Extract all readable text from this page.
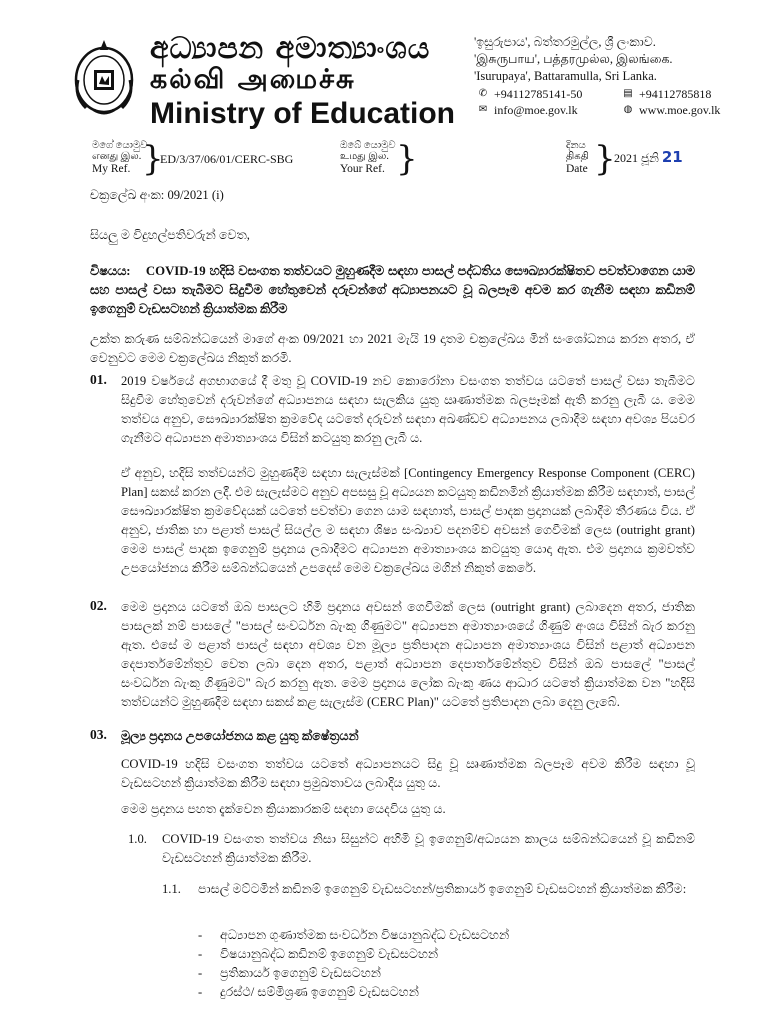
අධ්‍යාපන අමාත්‍යාංශය
கல்வி அமைச்சு
Ministry of Education
'ඉසුරුපාය', බත්තරමුල්ල, ශ්‍රී ලංකාව.
'இசுருபாய', பத்தரமுல்ல, இலங்கை.
'Isurupaya', Battaramulla, Sri Lanka.
✆ +94112785141-50	▤ +94112785818
✉ info@moe.gov.lk	◍ www.moe.gov.lk
මගේ යොමුව
எனது இல.
My Ref. }
ED/3/37/06/01/CERC-SBG
ඔබේ යොමුව
உமது இல.
Your Ref. }	දිනය
திகதி
Date }
2021 ජූනි 21
චක්‍රලේඛ අංක: 09/2021 (i)
සියලු ම විදුහල්පතිවරුන් වෙත,
විෂයය: COVID-19 හදිසි වසංගත තත්වයට මුහුණදීම සඳහා පාසල් පද්ධතිය සෞඛ්‍යාරක්ෂිතව පවත්වාගෙන යාම සහ පාසල් වසා තැබීමට සිදුවීම හේතුවෙන් දරුවන්ගේ අධ්‍යාපනයට වූ බලපෑම අවම කර ගැනීම සඳහා කඩිනම් ඉගෙනුම් වැඩසටහන් ක්‍රියාත්මක කිරීම
උක්ත කරුණ සම්බන්ධයෙන් මාගේ අංක 09/2021 හා 2021 මැයි 19 දාතම චක්‍රලේඛය මින් සංශෝධනය කරන අතර, ඒ වෙනුවට මෙම චක්‍රලේඛය නිකුත් කරමි.
01. 2019 වර්ෂයේ අගභාගයේ දී මතු වූ COVID-19 නව කොරෝනා වසංගත තත්වය යටතේ පාසල් වසා තැබීමට සිදුවීම හේතුවෙන් දරුවන්ගේ අධ්‍යාපනය සඳහා සැලකිය යුතු ඍණාත්මක බලපෑමක් ඇති කරනු ලැබී ය. මෙම තත්වය අනුව, සෞඛ්‍යාරක්ෂිත ක්‍රමවේද යටතේ දරුවන් සඳහා අඛණ්ඩව අධ්‍යාපනය ලබාදීම සඳහා අවශ්‍ය පියවර ගැනීමට අධ්‍යාපන අමාත්‍යාංශය විසින් කටයුතු කරනු ලැබී ය.
ඒ අනුව, හදිසි තත්වයන්ට මුහුණදීම සඳහා සැලැස්මක් [Contingency Emergency Response Component (CERC) Plan] සකස් කරන ලදී. එම සැලැස්මට අනුව අපසසු වූ අධ්‍යයන කටයුතු කඩිනමින් ක්‍රියාත්මක කිරීම සඳහාත්, පාසල් සෞඛ්‍යාරක්ෂිත ක්‍රමවේදයක් යටතේ පවත්වා ගෙන යාම සඳහාත්, පාසල් පාදක ප්‍රදානයක් ලබාදීම තීරණය විය. ඒ අනුව, ජාතික හා පළාත් පාසල් සියල්ල ම සඳහා ශිෂ්‍ය සංඛ්‍යාව පදනම්ව අවසන් ගෙවීමක් ලෙස (outright grant) මෙම පාසල් පාදක ඉගෙනුම් ප්‍රදානය ලබාදීමට අධ්‍යාපන අමාත්‍යාංශය කටයුතු යොදා ඇත. එම ප්‍රදානය ක්‍රමවත්ව උපයෝජනය කිරීම සම්බන්ධයෙන් උපදෙස් මෙම චක්‍රලේඛය මගින් නිකුත් කෙරේ.
02. මෙම ප්‍රදානය යටතේ ඔබ පාසලට හිමි ප්‍රදානය අවසන් ගෙවීමක් ලෙස (outright grant) ලබාදෙන අතර, ජාතික පාසලක් නම් පාසලේ "පාසල් සංවර්ධන බැංකු ගිණුමට" අධ්‍යාපන අමාත්‍යාංශයේ ගිණුම් අංශය විසින් බැර කරනු ඇත. එසේ ම පළාත් පාසල් සඳහා අවශ්‍ය වන මූල්‍ය ප්‍රතිපාදන අධ්‍යාපන අමාත්‍යාංශය විසින් පළාත් අධ්‍යාපන දෙපාර්තමේන්තුව වෙත ලබා දෙන අතර, පළාත් අධ්‍යාපන දෙපාර්තමේන්තුව විසින් ඔබ පාසලේ "පාසල් සංවර්ධන බැංකු ගිණුමට" බැර කරනු ඇත. මෙම ප්‍රදානය ලෝක බැංකු ණය ආධාර යටතේ ක්‍රියාත්මක වන "හදිසි තත්වයන්ට මුහුණදීම සඳහා සකස් කළ සැලැස්ම (CERC Plan)" යටතේ ප්‍රතිපාදන ලබා දෙනු ලැබේ.
03. මූල්‍ය ප්‍රදානය උපයෝජනය කළ යුතු ක්ෂේත්‍රයන්
COVID-19 හදිසි වසංගත තත්වය යටතේ අධ්‍යාපනයට සිදු වූ ඍණාත්මක බලපෑම අවම කිරීම සඳහා වූ වැඩසටහන් ක්‍රියාත්මක කිරීම සඳහා ප්‍රමුඛතාවය ලබාදිය යුතු ය.
මෙම ප්‍රදානය පහත දැක්වෙන ක්‍රියාකාරකම් සඳහා යෙදවිය යුතු ය.
1.0. COVID-19 වසංගත තත්වය නිසා සිසුන්ට අහිමි වූ ඉගෙනුම්/අධ්‍යයන කාලය සම්බන්ධයෙන් වූ කඩිනම් වැඩසටහන් ක්‍රියාත්මක කිරීම.
1.1. පාසල් මට්ටමින් කඩිනම් ඉගෙනුම් වැඩසටහන්/ප්‍රතිකාර්ය ඉගෙනුම් වැඩසටහන් ක්‍රියාත්මක කිරීම:
- අධ්‍යාපන ගුණාත්මක සංවර්ධන විෂයානුබද්ධ වැඩසටහන්
- විෂයානුබද්ධ කඩිනම් ඉගෙනුම් වැඩසටහන්
- ප්‍රතිකාර්ය ඉගෙනුම් වැඩසටහන්
- දුරස්ථ/ සම්මිශ්‍රණ ඉගෙනුම් වැඩසටහන්
